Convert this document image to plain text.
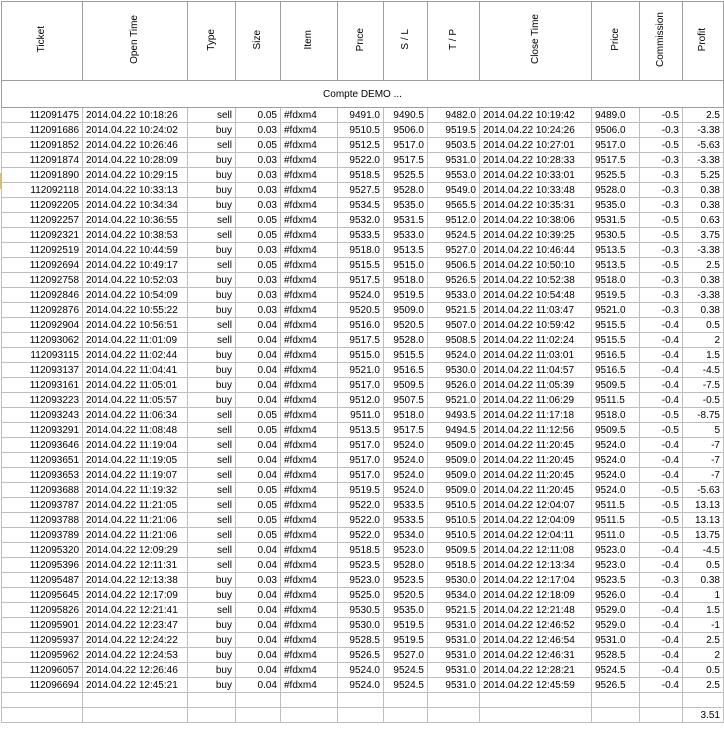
Ticket	Open Time	Type	Size	Item	Prıce	S / L	T / P	Close Time	Price	Commission	Profit
Compte DEMO ...											
112091475	2014.04.22 10:18:26	sell	0.05	#fdxm4	9491.0	9490.5	9482.0	2014.04.22 10:19:42	9489.0	-0.5	2.5
112091686	2014.04.22 10:24:02	buy	0.03	#fdxm4	9510.5	9506.0	9519.5	2014.04.22 10:24:26	9506.0	-0.3	-3.38
112091852	2014.04.22 10:26:46	sell	0.05	#fdxm4	9512.5	9517.0	9503.5	2014.04.22 10:27:01	9517.0	-0.5	-5.63
112091874	2014.04.22 10:28:09	buy	0.03	#fdxm4	9522.0	9517.5	9531.0	2014.04.22 10:28:33	9517.5	-0.3	-3.38
112091890	2014.04.22 10:29:15	buy	0.03	#fdxm4	9518.5	9525.5	9553.0	2014.04.22 10:33:01	9525.5	-0.3	5.25
112092118	2014.04.22 10:33:13	buy	0.03	#fdxm4	9527.5	9528.0	9549.0	2014.04.22 10:33:48	9528.0	-0.3	0.38
112092205	2014.04.22 10:34:34	buy	0.03	#fdxm4	9534.5	9535.0	9565.5	2014.04.22 10:35:31	9535.0	-0.3	0.38
112092257	2014.04.22 10:36:55	sell	0.05	#fdxm4	9532.0	9531.5	9512.0	2014.04.22 10:38:06	9531.5	-0.5	0.63
112092321	2014.04.22 10:38:53	sell	0.05	#fdxm4	9533.5	9533.0	9524.5	2014.04.22 10:39:25	9530.5	-0.5	3.75
112092519	2014.04.22 10:44:59	buy	0.03	#fdxm4	9518.0	9513.5	9527.0	2014.04.22 10:46:44	9513.5	-0.3	-3.38
112092694	2014.04.22 10:49:17	sell	0.05	#fdxm4	9515.5	9515.0	9506.5	2014.04.22 10:50:10	9513.5	-0.5	2.5
112092758	2014.04.22 10:52:03	buy	0.03	#fdxm4	9517.5	9518.0	9526.5	2014.04.22 10:52:38	9518.0	-0.3	0.38
112092846	2014.04.22 10:54:09	buy	0.03	#fdxm4	9524.0	9519.5	9533.0	2014.04.22 10:54:48	9519.5	-0.3	-3.38
112092876	2014.04.22 10:55:22	buy	0.03	#fdxm4	9520.5	9509.0	9521.5	2014.04.22 11:03:47	9521.0	-0.3	0.38
112092904	2014.04.22 10:56:51	sell	0.04	#fdxm4	9516.0	9520.5	9507.0	2014.04.22 10:59:42	9515.5	-0.4	0.5
112093062	2014.04.22 11:01:09	sell	0.04	#fdxm4	9517.5	9528.0	9508.5	2014.04.22 11:02:24	9515.5	-0.4	2
112093115	2014.04.22 11:02:44	buy	0.04	#fdxm4	9515.0	9515.5	9524.0	2014.04.22 11:03:01	9516.5	-0.4	1.5
112093137	2014.04.22 11:04:41	buy	0.04	#fdxm4	9521.0	9516.5	9530.0	2014.04.22 11:04:57	9516.5	-0.4	-4.5
112093161	2014.04.22 11:05:01	buy	0.04	#fdxm4	9517.0	9509.5	9526.0	2014.04.22 11:05:39	9509.5	-0.4	-7.5
112093223	2014.04.22 11:05:57	buy	0.04	#fdxm4	9512.0	9507.5	9521.0	2014.04.22 11:06:29	9511.5	-0.4	-0.5
112093243	2014.04.22 11:06:34	sell	0.05	#fdxm4	9511.0	9518.0	9493.5	2014.04.22 11:17:18	9518.0	-0.5	-8.75
112093291	2014.04.22 11:08:48	sell	0.05	#fdxm4	9513.5	9517.5	9494.5	2014.04.22 11:12:56	9509.5	-0.5	5
112093646	2014.04.22 11:19:04	sell	0.04	#fdxm4	9517.0	9524.0	9509.0	2014.04.22 11:20:45	9524.0	-0.4	-7
112093651	2014.04.22 11:19:05	sell	0.04	#fdxm4	9517.0	9524.0	9509.0	2014.04.22 11:20:45	9524.0	-0.4	-7
112093653	2014.04.22 11:19:07	sell	0.04	#fdxm4	9517.0	9524.0	9509.0	2014.04.22 11:20:45	9524.0	-0.4	-7
112093688	2014.04.22 11:19:32	sell	0.05	#fdxm4	9519.5	9524.0	9509.0	2014.04.22 11:20:45	9524.0	-0.5	-5.63
112093787	2014.04.22 11:21:05	sell	0.05	#fdxm4	9522.0	9533.5	9510.5	2014.04.22 12:04:07	9511.5	-0.5	13.13
112093788	2014.04.22 11:21:06	sell	0.05	#fdxm4	9522.0	9533.5	9510.5	2014.04.22 12:04:09	9511.5	-0.5	13.13
112093789	2014.04.22 11:21:06	sell	0.05	#fdxm4	9522.0	9534.0	9510.5	2014.04.22 12:04:11	9511.0	-0.5	13.75
112095320	2014.04.22 12:09:29	sell	0.04	#fdxm4	9518.5	9523.0	9509.5	2014.04.22 12:11:08	9523.0	-0.4	-4.5
112095396	2014.04.22 12:11:31	sell	0.04	#fdxm4	9523.5	9528.0	9518.5	2014.04.22 12:13:34	9523.0	-0.4	0.5
112095487	2014.04.22 12:13:38	buy	0.03	#fdxm4	9523.0	9523.5	9530.0	2014.04.22 12:17:04	9523.5	-0.3	0.38
112095645	2014.04.22 12:17:09	buy	0.04	#fdxm4	9525.0	9520.5	9534.0	2014.04.22 12:18:09	9526.0	-0.4	1
112095826	2014.04.22 12:21:41	sell	0.04	#fdxm4	9530.5	9535.0	9521.5	2014.04.22 12:21:48	9529.0	-0.4	1.5
112095901	2014.04.22 12:23:47	buy	0.04	#fdxm4	9530.0	9519.5	9531.0	2014.04.22 12:46:52	9529.0	-0.4	-1
112095937	2014.04.22 12:24:22	buy	0.04	#fdxm4	9528.5	9519.5	9531.0	2014.04.22 12:46:54	9531.0	-0.4	2.5
112095962	2014.04.22 12:24:53	buy	0.04	#fdxm4	9526.5	9527.0	9531.0	2014.04.22 12:46:31	9528.5	-0.4	2
112096057	2014.04.22 12:26:46	buy	0.04	#fdxm4	9524.0	9524.5	9531.0	2014.04.22 12:28:21	9524.5	-0.4	0.5
112096694	2014.04.22 12:45:21	buy	0.04	#fdxm4	9524.0	9524.5	9531.0	2014.04.22 12:45:59	9526.5	-0.4	2.5

											3.51
